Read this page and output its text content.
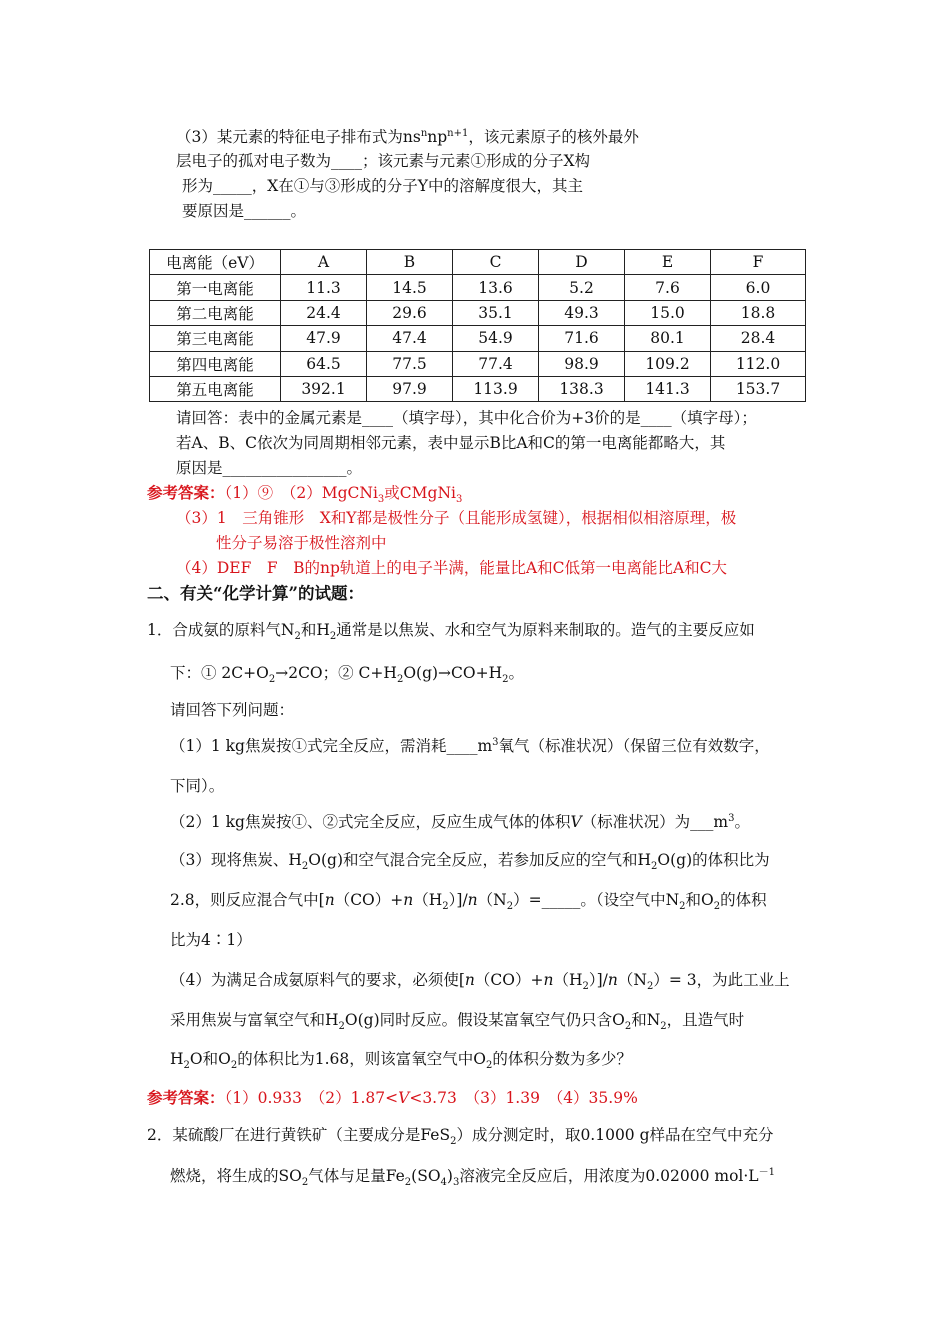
（3）某元素的特征电子排布式为$ns^nnp^{n+1}$，该元素原子的核外最外
层电子的孤对电子数为____；该元素与元素①形成的分子X构
形为_____，X在①与③形成的分子Y中的溶解度很大，其主
要原因是______。
电离能（eV）	A	B	C	D	E	F
第一电离能	11.3	14.5	13.6	5.2	7.6	6.0
第二电离能	24.4	29.6	35.1	49.3	15.0	18.8
第三电离能	47.9	47.4	54.9	71.6	80.1	28.4
第四电离能	64.5	77.5	77.4	98.9	109.2	112.0
第五电离能	392.1	97.9	113.9	138.3	141.3	153.7
请回答：表中的金属元素是____（填字母），其中化合价为+3价的是____（填字母）；
若A、B、C依次为同周期相邻元素，表中显示B比A和C的第一电离能都略大，其
原因是________________。
参考答案：（1）⑨　（2）MgCNi$_3$或CMgNi$_3$
（3）1　三角锥形　X和Y都是极性分子（且能形成氢键），根据相似相溶原理，极
性分子易溶于极性溶剂中
（4）DEF　F　B的np轨道上的电子半满，能量比A和C低第一电离能比A和C大
二、有关“化学计算”的试题：
1．合成氨的原料气$N_2$和$H_2$通常是以焦炭、水和空气为原料来制取的。造气的主要反应如
下：① $2C+O_2\to 2CO$；② $C+H_2O(g)\to CO+H_2$。
请回答下列问题：
（1）1 kg焦炭按①式完全反应，需消耗$\_\_\_\_m^3$氧气（标准状况）（保留三位有效数字，
下同）。
（2）1 kg焦炭按①、②式完全反应，反应生成气体的体积V（标准状况）为$\_\_\_m^3$。
（3）现将焦炭、$H_2O(g)$和空气混合完全反应，若参加反应的空气和$H_2O(g)$的体积比为
2.8，则反应混合气中$[n(CO)+n(H_2)]/n(N_2)=\_\_\_\_\_$。（设空气中$N_2$和$O_2$的体积
比为4∶1）
（4）为满足合成氨原料气的要求，必须使$[n(CO)+n(H_2)]/n(N_2)= 3$，为此工业上
采用焦炭与富氧空气和$H_2O(g)$同时反应。假设某富氧空气仍只含$O_2$和$N_2$，且造气时
$H_2O$和$O_2$的体积比为1.68，则该富氧空气中$O_2$的体积分数为多少？
参考答案：（1）0.933　（2）1.87<V<3.73　（3）1.39　（4）35.9%
2．某硫酸厂在进行黄铁矿（主要成分是FeS$_2$）成分测定时，取0.1000 g样品在空气中充分
燃烧，将生成的$SO_2$气体与足量$Fe_2(SO_4)_3$溶液完全反应后，用浓度为0.02000 $mol\cdot L^{-1}$
